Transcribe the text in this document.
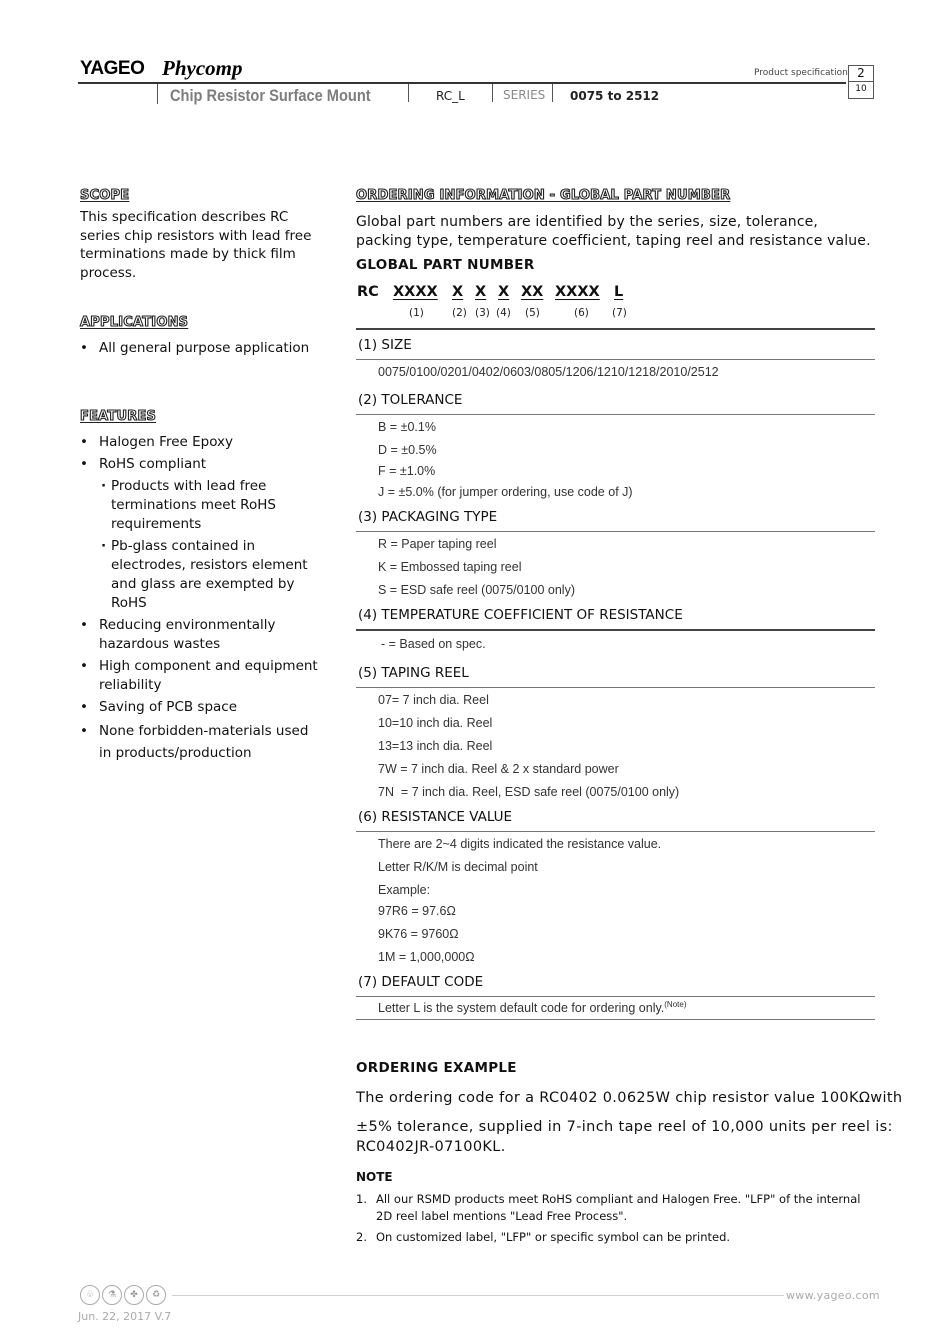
YAGEO Phycomp
Chip Resistor Surface Mount	RC_L	SERIES 0075 to 2512
Product specification 2
10
SCOPE
This specification describes RC series chip resistors with lead free terminations made by thick film process.
APPLICATIONS
• All general purpose application
FEATURES
• Halogen Free Epoxy
• RoHS compliant
· Products with lead free terminations meet RoHS requirements
· Pb-glass contained in electrodes, resistors element and glass are exempted by RoHS
• Reducing environmentally hazardous wastes
• High component and equipment reliability
• Saving of PCB space
• None forbidden-materials used in products/production
ORDERING INFORMATION - GLOBAL PART NUMBER
Global part numbers are identified by the series, size, tolerance, packing type, temperature coefficient, taping reel and resistance value.
GLOBAL PART NUMBER
RC XXXX X X X XX XXXX L
(1)	(2) (3) (4) (5)	(6) (7)
(1) SIZE
0075/0100/0201/0402/0603/0805/1206/1210/1218/2010/2512
(2) TOLERANCE
B = ±0.1%
D = ±0.5%
F = ±1.0%
J = ±5.0% (for jumper ordering, use code of J)
(3) PACKAGING TYPE
R = Paper taping reel
K = Embossed taping reel
S = ESD safe reel (0075/0100 only)
(4) TEMPERATURE COEFFICIENT OF RESISTANCE
- = Based on spec.
(5) TAPING REEL
07= 7 inch dia. Reel
10=10 inch dia. Reel
13=13 inch dia. Reel
7W = 7 inch dia. Reel & 2 x standard power
7N  = 7 inch dia. Reel, ESD safe reel (0075/0100 only)
(6) RESISTANCE VALUE
There are 2~4 digits indicated the resistance value.
Letter R/K/M is decimal point
Example:
97R6 = 97.6Ω
9K76 = 9760Ω
1M = 1,000,000Ω
(7) DEFAULT CODE
Letter L is the system default code for ordering only.$^{(Note)}$
ORDERING EXAMPLE
The ordering code for a RC0402 0.0625W chip resistor value 100KΩwith
±5% tolerance, supplied in 7-inch tape reel of 10,000 units per reel is:
RC0402JR-07100KL.
NOTE
1. All our RSMD products meet RoHS compliant and Halogen Free. "LFP" of the internal 2D reel label mentions "Lead Free Process".
2. On customized label, "LFP" or specific symbol can be printed.
♧	⚗	✤	♻
Jun. 22, 2017 V.7
www.yageo.com
